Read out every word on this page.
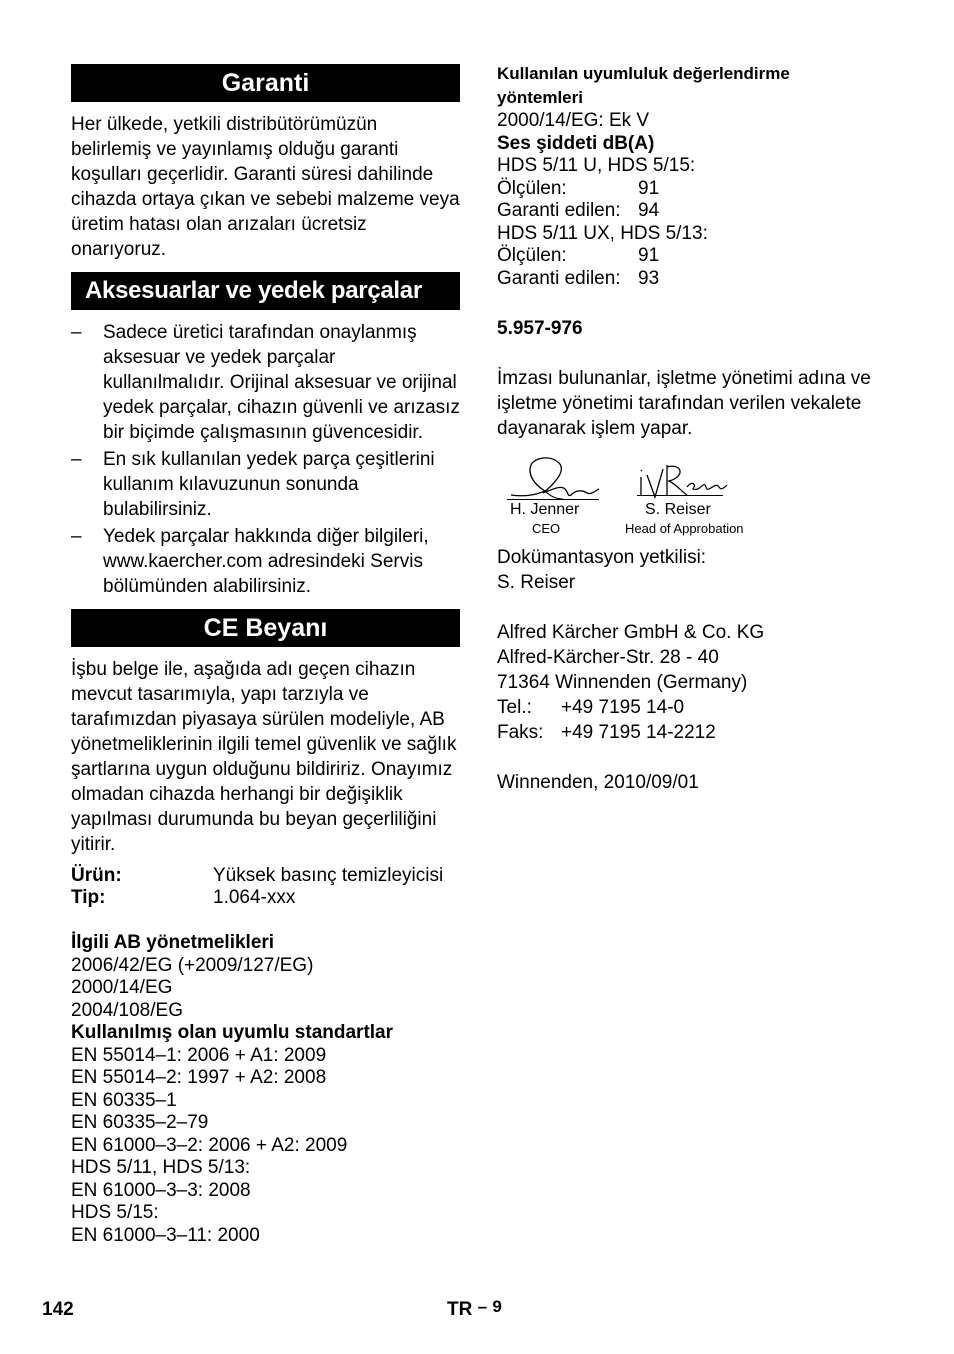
Garanti

Her ülkede, yetkili distribütörümüzün belirlemiş ve yayınlamış olduğu garanti koşulları geçerlidir. Garanti süresi dahilinde cihazda ortaya çıkan ve sebebi malzeme veya üretim hatası olan arızaları ücretsiz onarıyoruz.

Aksesuarlar ve yedek parçalar
– Sadece üretici tarafından onaylanmış aksesuar ve yedek parçalar kullanılmalıdır. Orijinal aksesuar ve orijinal yedek parçalar, cihazın güvenli ve arızasız bir biçimde çalışmasının güvencesidir.
– En sık kullanılan yedek parça çeşitlerini kullanım kılavuzunun sonunda bulabilirsiniz.
– Yedek parçalar hakkında diğer bilgileri, www.kaercher.com adresindeki Servis bölümünden alabilirsiniz.
CE Beyanı

İşbu belge ile, aşağıda adı geçen cihazın mevcut tasarımıyla, yapı tarzıyla ve tarafımızdan piyasaya sürülen modeliyle, AB yönetmeliklerinin ilgili temel güvenlik ve sağlık şartlarına uygun olduğunu bildiririz. Onayımız olmadan cihazda herhangi bir değişiklik yapılması durumunda bu beyan geçerliliğini yitirir.

Ürün:	Yüksek basınç temizleyicisi
Tip:	1.064-xxx
İlgili AB yönetmelikleri
2006/42/EG (+2009/127/EG)
2000/14/EG
2004/108/EG
Kullanılmış olan uyumlu standartlar
EN 55014–1: 2006 + A1: 2009
EN 55014–2: 1997 + A2: 2008
EN 60335–1
EN 60335–2–79
EN 61000–3–2: 2006 + A2: 2009
HDS 5/11, HDS 5/13:
EN 61000–3–3: 2008
HDS 5/15:
EN 61000–3–11: 2000
Kullanılan uyumluluk değerlendirme yöntemleri
2000/14/EG: Ek V
Ses şiddeti dB(A)
HDS 5/11 U, HDS 5/15:
Ölçülen:	91
Garanti edilen: 94
HDS 5/11 UX, HDS 5/13:
Ölçülen:	91
Garanti edilen: 93
5.957-976

İmzası bulunanlar, işletme yönetimi adına ve işletme yönetimi tarafından verilen vekalete dayanarak işlem yapar.

H. Jenner
CEO
S. Reiser
Head of Approbation
Dokümantasyon yetkilisi:
S. Reiser
Alfred Kärcher GmbH & Co. KG
Alfred-Kärcher-Str. 28 - 40
71364 Winnenden (Germany)
Tel.: +49 7195 14-0
Faks: +49 7195 14-2212
Winnenden, 2010/09/01
142	TR – 9
